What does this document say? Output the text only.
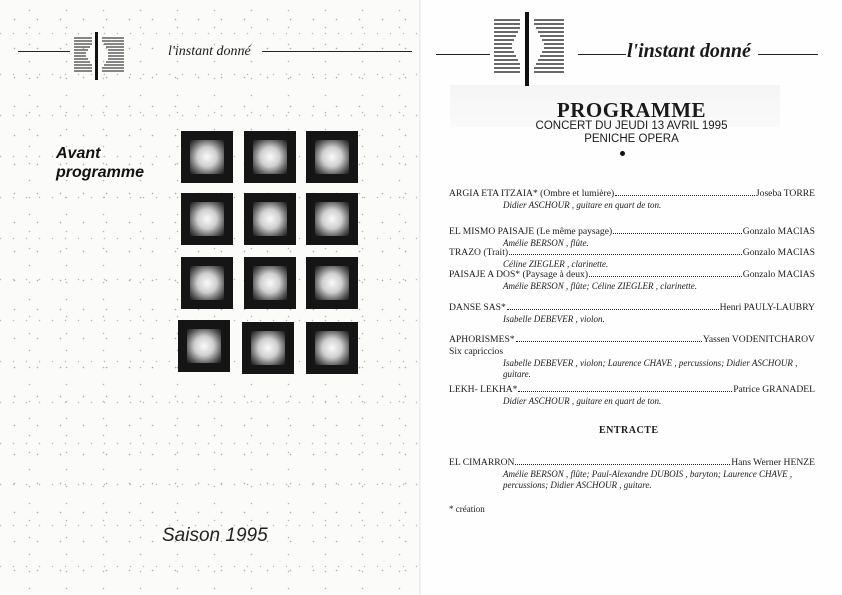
l'instant donné
Avant
programme
Saison 1995
l'instant donné
PROGRAMME
CONCERT DU JEUDI 13 AVRIL 1995
PENICHE OPERA
ARGIA ETA ITZAIA* (Ombre et lumière)	Joseba TORRE
Didier ASCHOUR , guitare en quart de ton.
EL MISMO PAISAJE (Le même paysage)	Gonzalo MACIAS
Amélie BERSON , flûte.
TRAZO (Trait)	Gonzalo MACIAS
Céline ZIEGLER , clarinette.
PAISAJE A DOS* (Paysage à deux)	Gonzalo MACIAS
Amélie BERSON , flûte; Céline ZIEGLER , clarinette.
DANSE SAS*	Henri PAULY-LAUBRY
Isabelle DEBEVER , violon.
APHORISMES*	Yassen VODENITCHAROV
Six capriccios
Isabelle DEBEVER , violon; Laurence CHAVE , percussions; Didier ASCHOUR , guitare.
LEKH- LEKHA*	Patrice GRANADEL
Didier ASCHOUR , guitare en quart de ton.
ENTRACTE
EL CIMARRON	Hans Werner HENZE
Amélie BERSON , flûte; Paul-Alexandre DUBOIS , baryton; Laurence CHAVE , percussions; Didier ASCHOUR , guitare.
* création
